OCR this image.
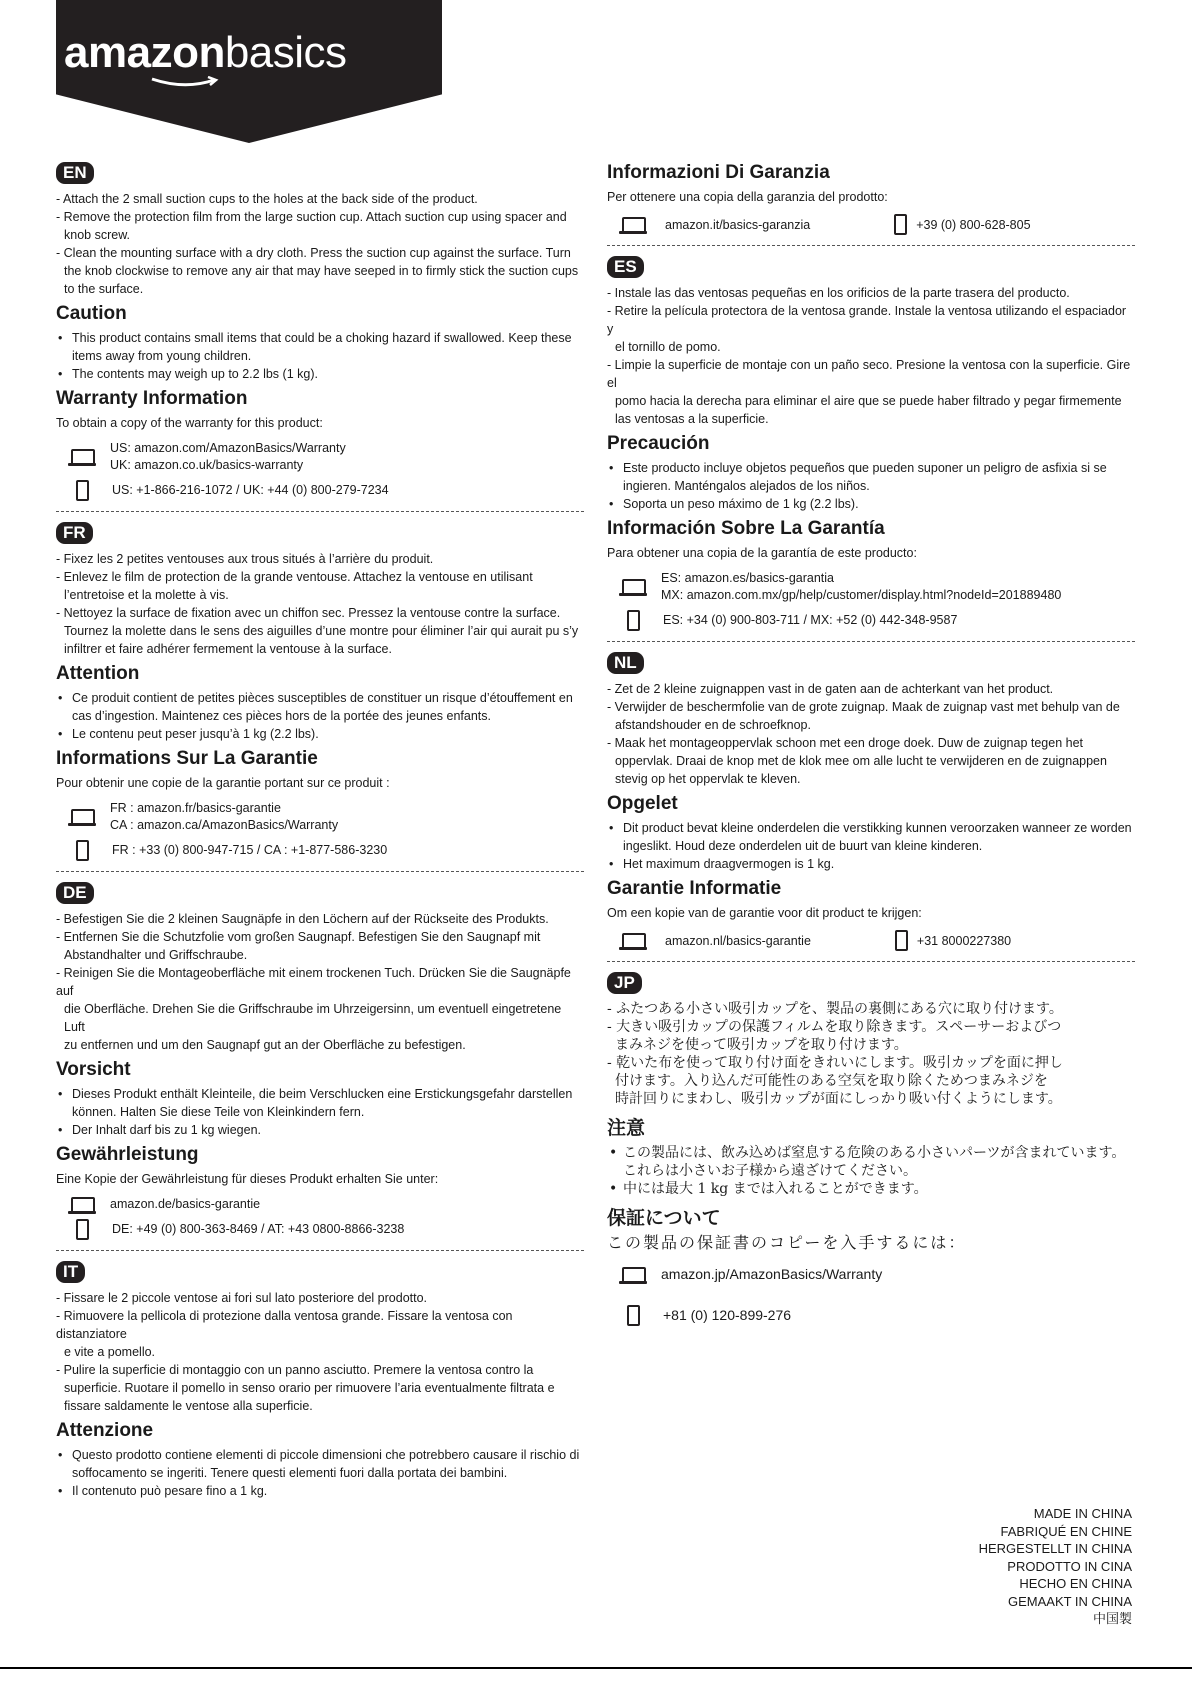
amazonbasics
EN

- Attach the 2 small suction cups to the holes at the back side of the product.

- Remove the protection film from the large suction cup. Attach suction cup using spacer and

knob screw.

- Clean the mounting surface with a dry cloth. Press the suction cup against the surface. Turn

the knob clockwise to remove any air that may have seeped in to firmly stick the suction cups

to the surface.

Caution
• This product contains small items that could be a choking hazard if swallowed. Keep these items away from young children.
• The contents may weigh up to 2.2 lbs (1 kg).
Warranty Information
To obtain a copy of the warranty for this product:
US: amazon.com/AmazonBasics/Warranty
UK: amazon.co.uk/basics-warranty
US: +1-866-216-1072 / UK: +44 (0) 800-279-7234
FR

- Fixez les 2 petites ventouses aux trous situés à l’arrière du produit.

- Enlevez le film de protection de la grande ventouse. Attachez la ventouse en utilisant

l’entretoise et la molette à vis.

- Nettoyez la surface de fixation avec un chiffon sec. Pressez la ventouse contre la surface.

Tournez la molette dans le sens des aiguilles d’une montre pour éliminer l’air qui aurait pu s’y

infiltrer et faire adhérer fermement la ventouse à la surface.

Attention
• Ce produit contient de petites pièces susceptibles de constituer un risque d’étouffement en cas d’ingestion. Maintenez ces pièces hors de la portée des jeunes enfants.
• Le contenu peut peser jusqu’à 1 kg (2.2 lbs).
Informations Sur La Garantie
Pour obtenir une copie de la garantie portant sur ce produit :
FR : amazon.fr/basics-garantie
CA : amazon.ca/AmazonBasics/Warranty
FR : +33 (0) 800-947-715 / CA : +1-877-586-3230
DE

- Befestigen Sie die 2 kleinen Saugnäpfe in den Löchern auf der Rückseite des Produkts.

- Entfernen Sie die Schutzfolie vom großen Saugnapf. Befestigen Sie den Saugnapf mit

Abstandhalter und Griffschraube.

- Reinigen Sie die Montageoberfläche mit einem trockenen Tuch. Drücken Sie die Saugnäpfe auf

die Oberfläche. Drehen Sie die Griffschraube im Uhrzeigersinn, um eventuell eingetretene Luft

zu entfernen und um den Saugnapf gut an der Oberfläche zu befestigen.

Vorsicht
• Dieses Produkt enthält Kleinteile, die beim Verschlucken eine Erstickungsgefahr darstellen können. Halten Sie diese Teile von Kleinkindern fern.
• Der Inhalt darf bis zu 1 kg wiegen.
Gewährleistung
Eine Kopie der Gewährleistung für dieses Produkt erhalten Sie unter:
amazon.de/basics-garantie
DE: +49 (0) 800-363-8469 / AT: +43 0800-8866-3238
IT

- Fissare le 2 piccole ventose ai fori sul lato posteriore del prodotto.

- Rimuovere la pellicola di protezione dalla ventosa grande. Fissare la ventosa con distanziatore

e vite a pomello.

- Pulire la superficie di montaggio con un panno asciutto. Premere la ventosa contro la

superficie. Ruotare il pomello in senso orario per rimuovere l’aria eventualmente filtrata e

fissare saldamente le ventose alla superficie.

Attenzione
• Questo prodotto contiene elementi di piccole dimensioni che potrebbero causare il rischio di soffocamento se ingeriti. Tenere questi elementi fuori dalla portata dei bambini.
• Il contenuto può pesare fino a 1 kg.
Informazioni Di Garanzia
Per ottenere una copia della garanzia del prodotto:
amazon.it/basics-garanzia	+39 (0) 800-628-805
ES

- Instale las das ventosas pequeñas en los orificios de la parte trasera del producto.

- Retire la película protectora de la ventosa grande. Instale la ventosa utilizando el espaciador y

el tornillo de pomo.

- Limpie la superficie de montaje con un paño seco. Presione la ventosa con la superficie. Gire el

pomo hacia la derecha para eliminar el aire que se puede haber filtrado y pegar firmemente

las ventosas a la superficie.

Precaución
• Este producto incluye objetos pequeños que pueden suponer un peligro de asfixia si se ingieren. Manténgalos alejados de los niños.
• Soporta un peso máximo de 1 kg (2.2 lbs).
Información Sobre La Garantía
Para obtener una copia de la garantía de este producto:
ES: amazon.es/basics-garantia
MX: amazon.com.mx/gp/help/customer/display.html?nodeId=201889480
ES: +34 (0) 900-803-711 / MX: +52 (0) 442-348-9587
NL

- Zet de 2 kleine zuignappen vast in de gaten aan de achterkant van het product.

- Verwijder de beschermfolie van de grote zuignap. Maak de zuignap vast met behulp van de

afstandshouder en de schroefknop.

- Maak het montageoppervlak schoon met een droge doek. Duw de zuignap tegen het

oppervlak. Draai de knop met de klok mee om alle lucht te verwijderen en de zuignappen

stevig op het oppervlak te kleven.

Opgelet
• Dit product bevat kleine onderdelen die verstikking kunnen veroorzaken wanneer ze worden ingeslikt. Houd deze onderdelen uit de buurt van kleine kinderen.
• Het maximum draagvermogen is 1 kg.
Garantie Informatie
Om een kopie van de garantie voor dit product te krijgen:
amazon.nl/basics-garantie	+31 8000227380
JP

- ふたつある小さい吸引カップを、製品の裏側にある穴に取り付けます。

- 大きい吸引カップの保護フィルムを取り除きます。スペーサーおよびつ

まみネジを使って吸引カップを取り付けます。

- 乾いた布を使って取り付け面をきれいにします。吸引カップを面に押し

付けます。入り込んだ可能性のある空気を取り除くためつまみネジを

時計回りにまわし、吸引カップが面にしっかり吸い付くようにします。

注意
• この製品には、飲み込めば窒息する危険のある小さいパーツが含まれています。これらは小さいお子様から遠ざけてください。
• 中には最大 1 kg までは入れることができます。
保証について

この製品の保証書のコピーを入手するには：

amazon.jp/AmazonBasics/Warranty
+81 (0) 120-899-276
MADE IN CHINA
FABRIQUÉ EN CHINE
HERGESTELLT IN CHINA
PRODOTTO IN CINA
HECHO EN CHINA
GEMAAKT IN CHINA
中国製
